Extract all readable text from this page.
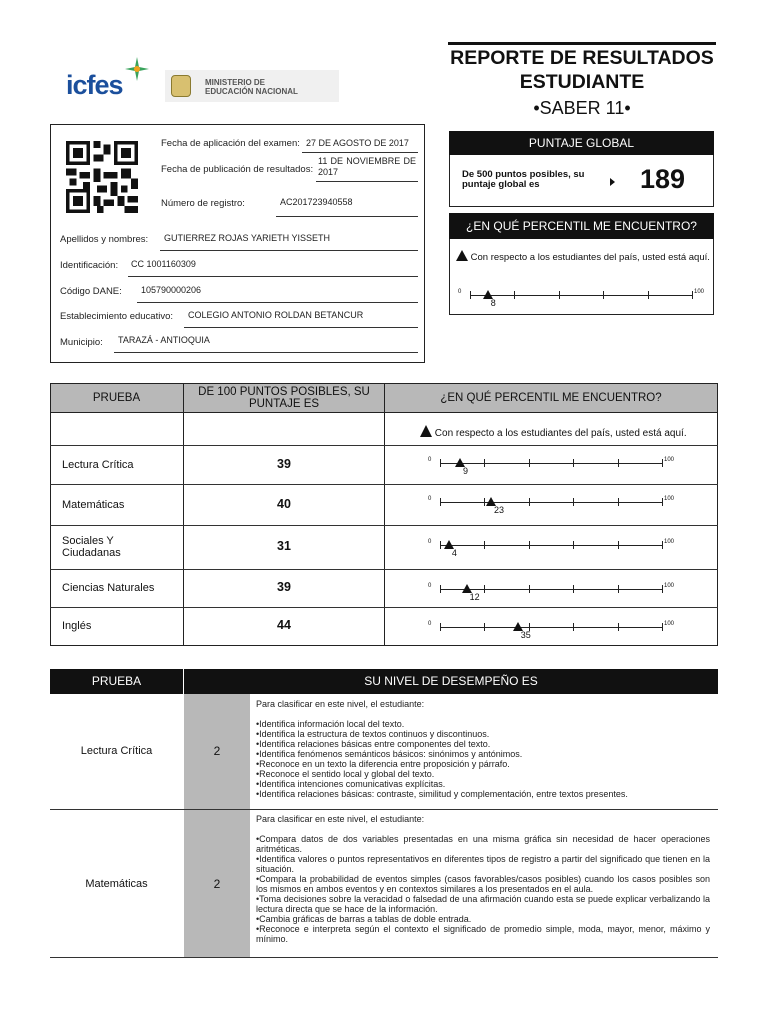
icfes	MINISTERIO DE EDUCACIÓN NACIONAL
REPORTE DE RESULTADOS
ESTUDIANTE
•SABER 11•
Fecha de aplicación del examen: 27 DE AGOSTO DE 2017
Fecha de publicación de resultados:
11 DE NOVIEMBRE DE 2017
Número de registro:	AC201723940558
Apellidos y nombres: GUTIERREZ ROJAS YARIETH YISSETH
Identificación: CC 1001160309
Código DANE: 105790000206
Establecimiento educativo: COLEGIO ANTONIO ROLDAN BETANCUR
Municipio: TARAZÁ - ANTIOQUIA
PUNTAJE GLOBAL
De 500 puntos posibles, su puntaje global es	189
¿EN QUÉ PERCENTIL ME ENCUENTRO?
Con respecto a los estudiantes del país, usted está aquí.
0	100
8
PRUEBA	DE 100 PUNTOS POSIBLES, SU PUNTAJE ES	¿EN QUÉ PERCENTIL ME ENCUENTRO?
Con respecto a los estudiantes del país, usted está aquí.
Lectura Crítica	39	0	100
9
Matemáticas	40	0	100
23
Sociales Y Ciudadanas	31	0	100
4
Ciencias Naturales	39	0	100
12
Inglés	44	0	100
35
PRUEBA	SU NIVEL DE DESEMPEÑO ES
Lectura Crítica	2
Para clasificar en este nivel, el estudiante:
•Identifica información local del texto.
•Identifica la estructura de textos continuos y discontinuos.
•Identifica relaciones básicas entre componentes del texto.
•Identifica fenómenos semánticos básicos: sinónimos y antónimos.
•Reconoce en un texto la diferencia entre proposición y párrafo.
•Reconoce el sentido local y global del texto.
•Identifica intenciones comunicativas explícitas.
•Identifica relaciones básicas: contraste, similitud y complementación, entre textos presentes.
Matemáticas	2
Para clasificar en este nivel, el estudiante:
•Compara datos de dos variables presentadas en una misma gráfica sin necesidad de hacer operaciones aritméticas.
•Identifica valores o puntos representativos en diferentes tipos de registro a partir del significado que tienen en la situación.
•Compara la probabilidad de eventos simples (casos favorables/casos posibles) cuando los casos posibles son los mismos en ambos eventos y en contextos similares a los presentados en el aula.
•Toma decisiones sobre la veracidad o falsedad de una afirmación cuando esta se puede explicar verbalizando la lectura directa que se hace de la información.
•Cambia gráficas de barras a tablas de doble entrada.
•Reconoce e interpreta según el contexto el significado de promedio simple, moda, mayor, menor, máximo y mínimo.
